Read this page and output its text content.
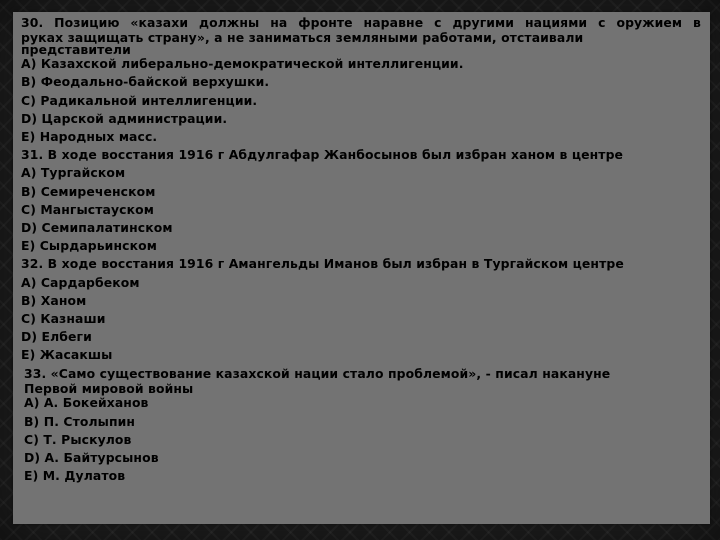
30. Позицию «казахи должны на фронте наравне с другими нациями с оружием в
руках защищать страну», а не заниматься земляными работами, отстаивали
представители
A) Казахской либерально-демократической интеллигенции.
B) Феодально-байской верхушки.
C) Радикальной интеллигенции.
D) Царской администрации.
E) Народных масс.
31. В ходе восстания 1916 г Абдулгафар Жанбосынов был избран ханом в центре
A) Тургайском
B) Семиреченском
C) Мангыстауском
D) Семипалатинском
E) Сырдарьинском
32. В ходе восстания 1916 г Амангельды Иманов был избран в Тургайском центре
A) Сардарбеком
B) Ханом
C) Казнаши
D) Елбеги
E) Жасакшы
33. «Само существование казахской нации стало проблемой», - писал накануне
Первой мировой войны
A) А. Бокейханов
B) П. Столыпин
C) Т. Рыскулов
D) А. Байтурсынов
E) М. Дулатов
